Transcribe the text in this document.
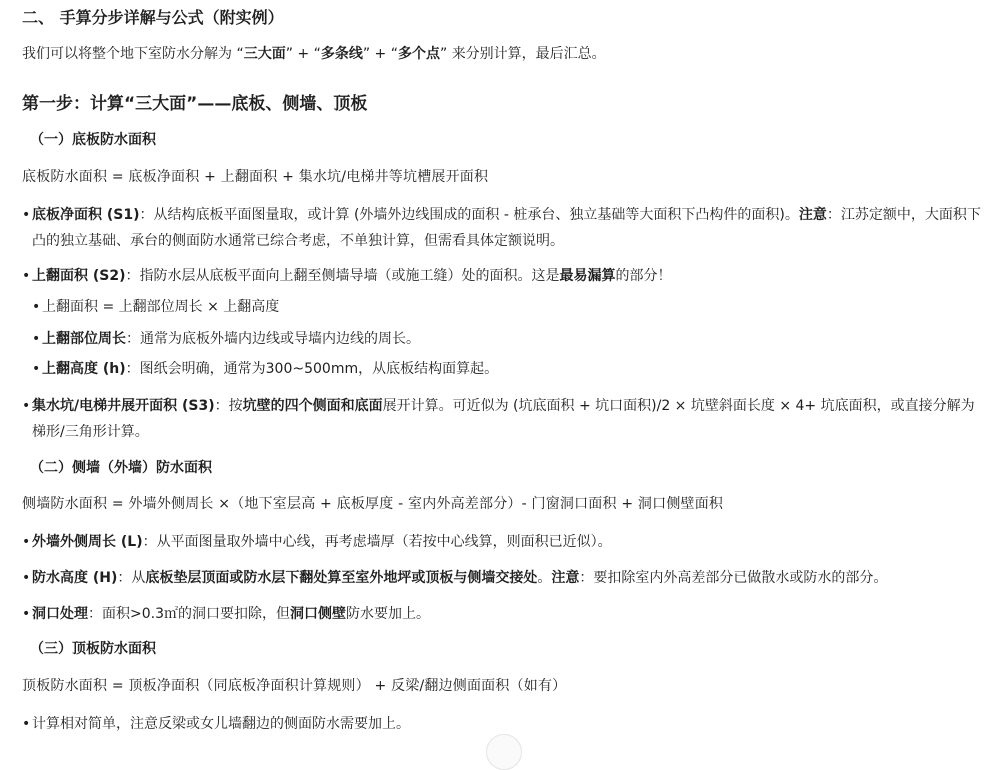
二、 手算分步详解与公式（附实例）
我们可以将整个地下室防水分解为 “三大面” + “多条线” + “多个点” 来分别计算，最后汇总。
第一步：计算“三大面”——底板、侧墙、顶板
（一）底板防水面积
底板防水面积 = 底板净面积 + 上翻面积 + 集水坑/电梯井等坑槽展开面积
• 底板净面积 (S1)：从结构底板平面图量取，或计算 (外墙外边线围成的面积 - 桩承台、独立基础等大面积下凸构件的面积)。注意：江苏定额中，大面积下凸的独立基础、承台的侧面防水通常已综合考虑，不单独计算，但需看具体定额说明。
• 上翻面积 (S2)：指防水层从底板平面向上翻至侧墙导墙（或施工缝）处的面积。这是最易漏算的部分！
• 上翻面积 = 上翻部位周长 × 上翻高度
• 上翻部位周长：通常为底板外墙内边线或导墙内边线的周长。
• 上翻高度 (h)：图纸会明确，通常为300~500mm，从底板结构面算起。
• 集水坑/电梯井展开面积 (S3)：按坑壁的四个侧面和底面展开计算。可近似为 (坑底面积 + 坑口面积)/2 × 坑壁斜面长度 × 4+ 坑底面积，或直接分解为梯形/三角形计算。
（二）侧墙（外墙）防水面积
侧墙防水面积 = 外墙外侧周长 ×（地下室层高 + 底板厚度 - 室内外高差部分）- 门窗洞口面积 + 洞口侧壁面积
• 外墙外侧周长 (L)：从平面图量取外墙中心线，再考虑墙厚（若按中心线算，则面积已近似）。
• 防水高度 (H)：从底板垫层顶面或防水层下翻处算至室外地坪或顶板与侧墙交接处。注意：要扣除室内外高差部分已做散水或防水的部分。
• 洞口处理：面积>0.3㎡的洞口要扣除，但洞口侧壁防水要加上。
（三）顶板防水面积
顶板防水面积 = 顶板净面积（同底板净面积计算规则） + 反梁/翻边侧面面积（如有）
• 计算相对简单，注意反梁或女儿墙翻边的侧面防水需要加上。
